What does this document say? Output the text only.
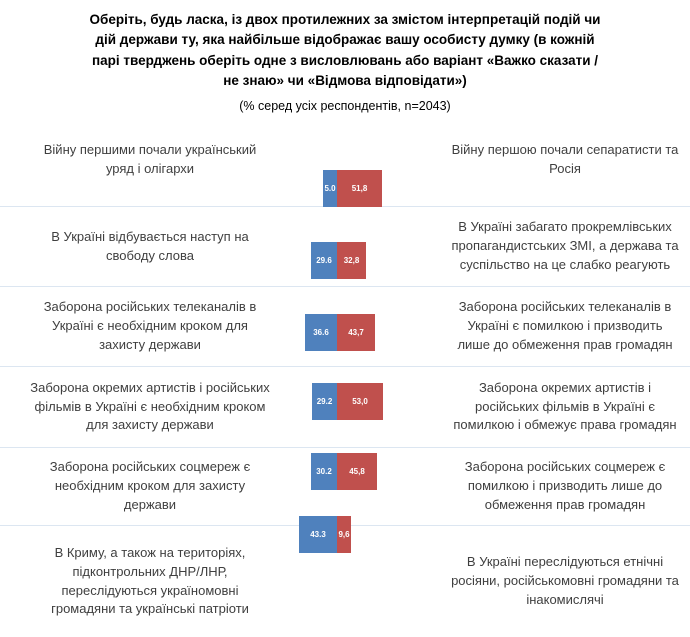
Оберіть, будь ласка, із двох протилежних за змістом інтерпретацій подій чи дій держави ту, яка найбільше відображає вашу особисту думку (в кожній парі тверджень оберіть одне з висловлювань або варіант «Важко сказати / не знаю» чи «Відмова відповідати»)
(% серед усіх респондентів, n=2043)
Війну першими почали український уряд і олігархи
5.0 51,8
Війну першою почали сепаратисти та Росія
В Україні відбувається наступ на свободу слова	29.6 32,8
В Україні забагато прокремлівських пропагандистських ЗМІ, а держава та суспільство на це слабко реагують
Заборона російських телеканалів в Україні є необхідним кроком для захисту держави
36.6 43,7
Заборона російських телеканалів в Україні є помилкою і призводить лише до обмеження прав громадян
Заборона окремих артистів і російських фільмів в Україні є необхідним кроком для захисту держави
29.2 53,0
Заборона окремих артистів і російських фільмів в Україні є помилкою і обмежує права громадян
Заборона російських соцмереж є необхідним кроком для захисту держави
30.2 45,8	Заборона російських соцмереж є помилкою і призводить лише до обмеження прав громадян
В Криму, а також на територіях, підконтрольних ДНР/ЛНР, переслідуються україномовні громадяни та українські патріоти
43.3 9,6
В Україні переслідуються етнічні росіяни, російськомовні громадяни та інакомислячі
